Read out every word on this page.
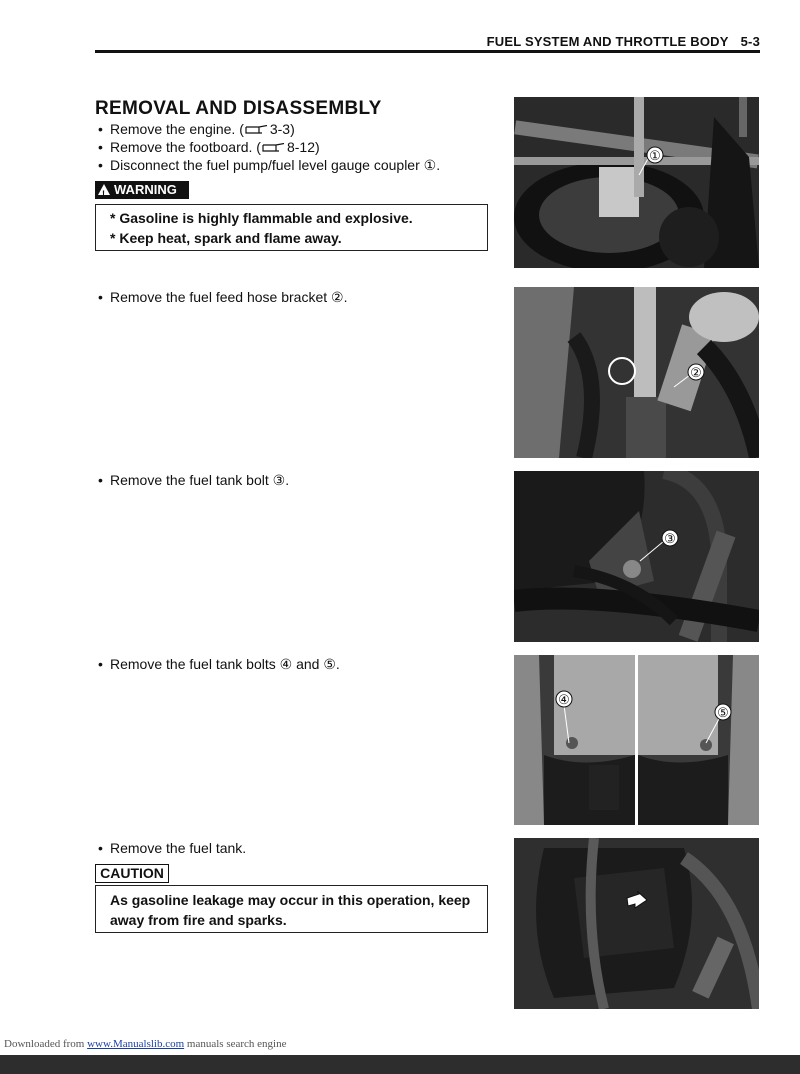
FUEL SYSTEM AND THROTTLE BODY 5-3
REMOVAL AND DISASSEMBLY
• Remove the engine. ( 3-3)
• Remove the footboard. ( 8-12)
• Disconnect the fuel pump/fuel level gauge coupler ①.
!WARNING
* Gasoline is highly flammable and explosive.
* Keep heat, spark and flame away.
• Remove the fuel feed hose bracket ②.
• Remove the fuel tank bolt ③.
• Remove the fuel tank bolts ④ and ⑤.
• Remove the fuel tank.
CAUTION
As gasoline leakage may occur in this operation, keep
away from fire and sparks.
①
②
③
④
⑤
Downloaded from www.Manualslib.com manuals search engine
